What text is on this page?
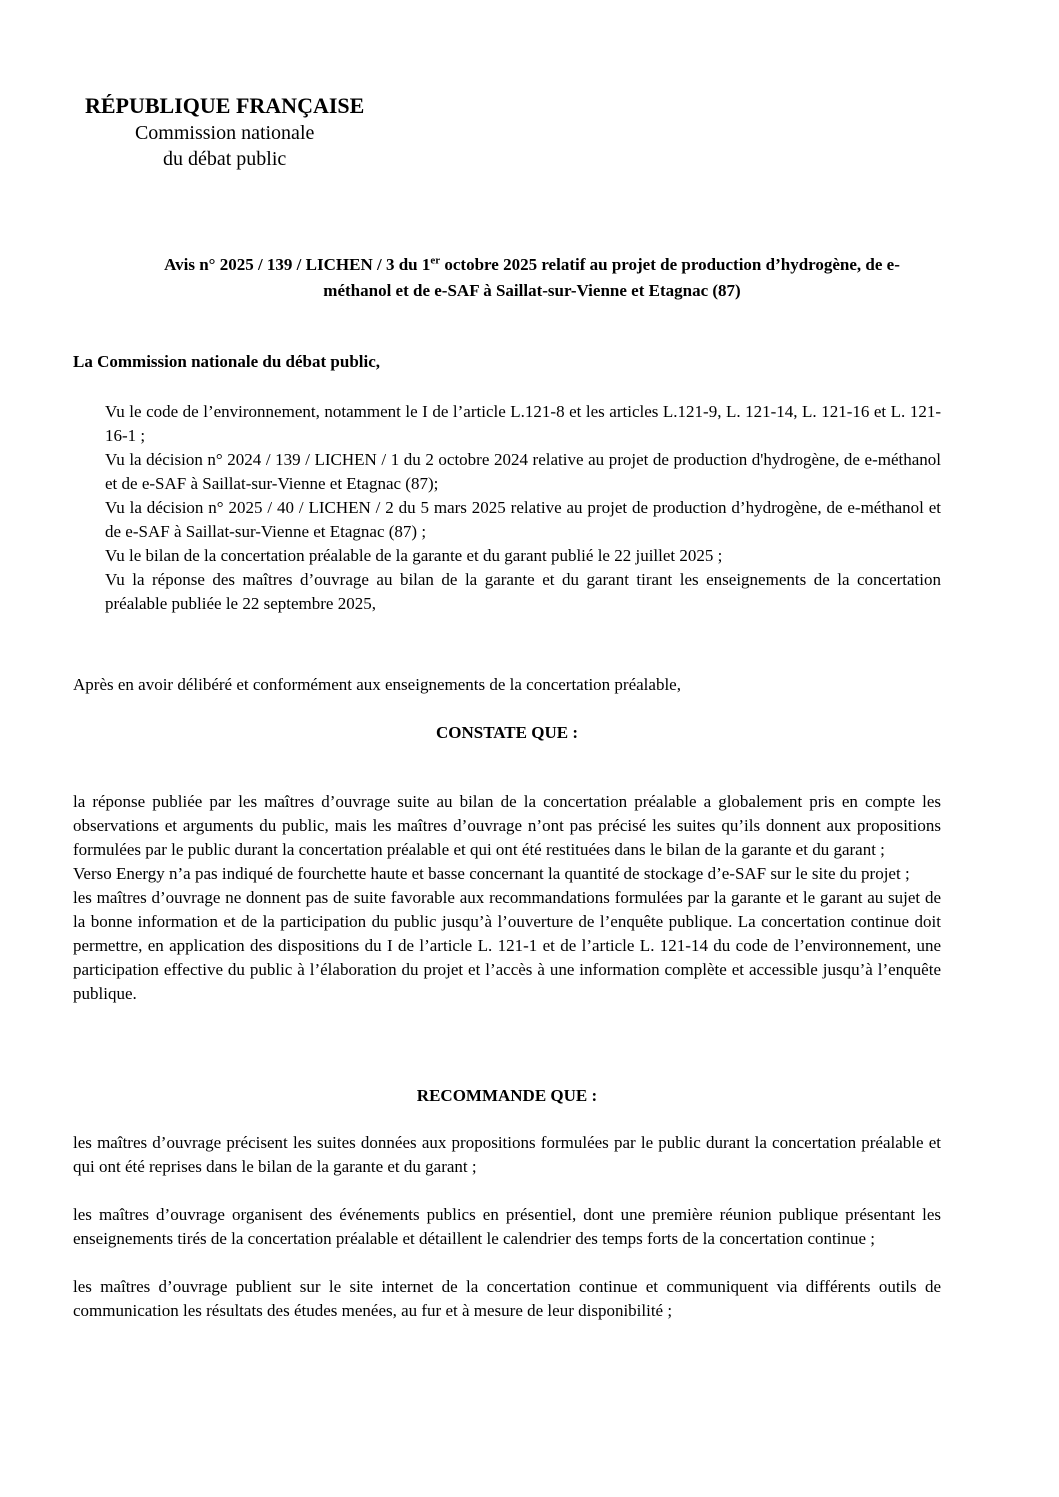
RÉPUBLIQUE FRANÇAISE
Commission nationale
du débat public
Avis n° 2025 / 139 / LICHEN / 3 du 1er octobre 2025 relatif au projet de production d’hydrogène, de e-méthanol et de e-SAF à Saillat-sur-Vienne et Etagnac (87)
La Commission nationale du débat public,

Vu le code de l’environnement, notamment le I de l’article L.121-8 et les articles L.121-9, L. 121-14, L. 121-16 et L. 121-16-1 ;

Vu la décision n° 2024 / 139 / LICHEN / 1 du 2 octobre 2024 relative au projet de production d'hydrogène, de e-méthanol et de e-SAF à Saillat-sur-Vienne et Etagnac (87);

Vu la décision n° 2025 / 40 / LICHEN / 2 du 5 mars 2025 relative au projet de production d’hydrogène, de e-méthanol et de e-SAF à Saillat-sur-Vienne et Etagnac (87) ;

Vu le bilan de la concertation préalable de la garante et du garant publié le 22 juillet 2025 ;

Vu la réponse des maîtres d’ouvrage au bilan de la garante et du garant tirant les enseignements de la concertation préalable publiée le 22 septembre 2025,

Après en avoir délibéré et conformément aux enseignements de la concertation préalable,
CONSTATE QUE :

la réponse publiée par les maîtres d’ouvrage suite au bilan de la concertation préalable a globalement pris en compte les observations et arguments du public, mais les maîtres d’ouvrage n’ont pas précisé les suites qu’ils donnent aux propositions formulées par le public durant la concertation préalable et qui ont été restituées dans le bilan de la garante et du garant ;

Verso Energy n’a pas indiqué de fourchette haute et basse concernant la quantité de stockage d’e-SAF sur le site du projet ;

les maîtres d’ouvrage ne donnent pas de suite favorable aux recommandations formulées par la garante et le garant au sujet de la bonne information et de la participation du public jusqu’à l’ouverture de l’enquête publique. La concertation continue doit permettre, en application des dispositions du I de l’article L. 121-1 et de l’article L. 121-14 du code de l’environnement, une participation effective du public à l’élaboration du projet et l’accès à une information complète et accessible jusqu’à l’enquête publique.

RECOMMANDE QUE :

les maîtres d’ouvrage précisent les suites données aux propositions formulées par le public durant la concertation préalable et qui ont été reprises dans le bilan de la garante et du garant ;

les maîtres d’ouvrage organisent des événements publics en présentiel, dont une première réunion publique présentant les enseignements tirés de la concertation préalable et détaillent le calendrier des temps forts de la concertation continue ;

les maîtres d’ouvrage publient sur le site internet de la concertation continue et communiquent via différents outils de communication les résultats des études menées, au fur et à mesure de leur disponibilité ;
